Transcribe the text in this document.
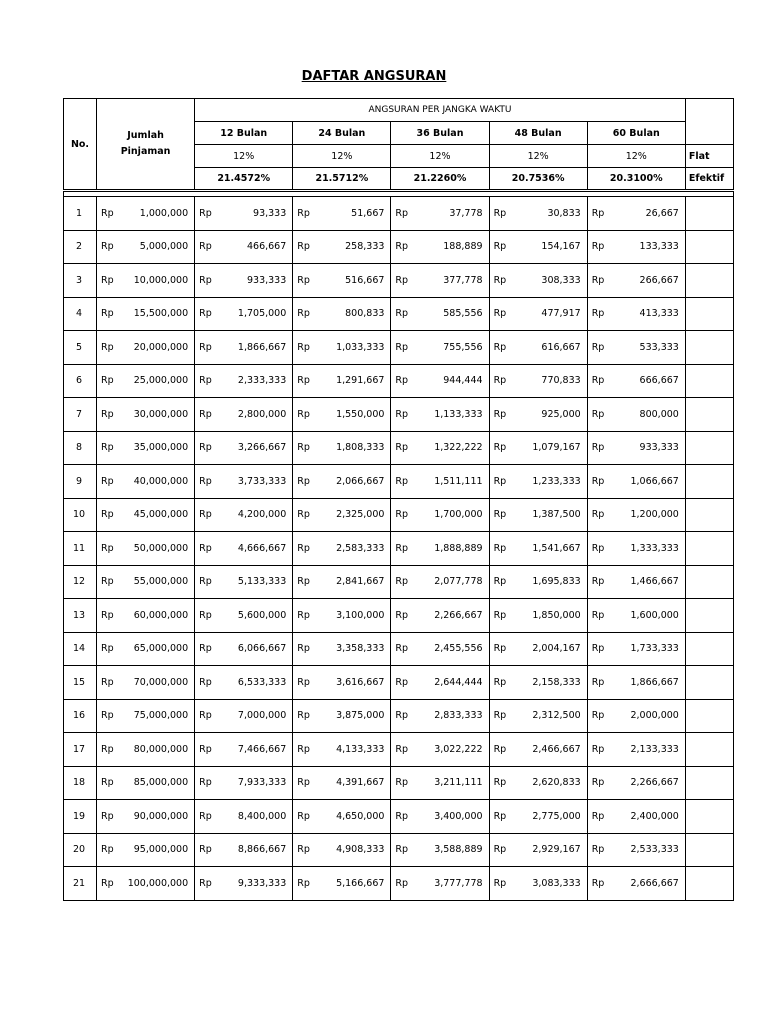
DAFTAR ANGSURAN
No.	Jumlah
Pinjaman		ANGSURAN PER JANGKA WAKTU										
			12 Bulan		24 Bulan		36 Bulan		48 Bulan		60 Bulan		
			12%		12%		12%		12%		12%		Flat
			21.4572%		21.5712%		21.2260%		20.7536%		20.3100%		Efektif

1	Rp	1,000,000	Rp	93,333	Rp	51,667	Rp	37,778	Rp	30,833	Rp	26,667	
2	Rp	5,000,000	Rp	466,667	Rp	258,333	Rp	188,889	Rp	154,167	Rp	133,333	
3	Rp	10,000,000	Rp	933,333	Rp	516,667	Rp	377,778	Rp	308,333	Rp	266,667	
4	Rp	15,500,000	Rp	1,705,000	Rp	800,833	Rp	585,556	Rp	477,917	Rp	413,333	
5	Rp	20,000,000	Rp	1,866,667	Rp	1,033,333	Rp	755,556	Rp	616,667	Rp	533,333	
6	Rp	25,000,000	Rp	2,333,333	Rp	1,291,667	Rp	944,444	Rp	770,833	Rp	666,667	
7	Rp	30,000,000	Rp	2,800,000	Rp	1,550,000	Rp	1,133,333	Rp	925,000	Rp	800,000	
8	Rp	35,000,000	Rp	3,266,667	Rp	1,808,333	Rp	1,322,222	Rp	1,079,167	Rp	933,333	
9	Rp	40,000,000	Rp	3,733,333	Rp	2,066,667	Rp	1,511,111	Rp	1,233,333	Rp	1,066,667	
10	Rp	45,000,000	Rp	4,200,000	Rp	2,325,000	Rp	1,700,000	Rp	1,387,500	Rp	1,200,000	
11	Rp	50,000,000	Rp	4,666,667	Rp	2,583,333	Rp	1,888,889	Rp	1,541,667	Rp	1,333,333	
12	Rp	55,000,000	Rp	5,133,333	Rp	2,841,667	Rp	2,077,778	Rp	1,695,833	Rp	1,466,667	
13	Rp	60,000,000	Rp	5,600,000	Rp	3,100,000	Rp	2,266,667	Rp	1,850,000	Rp	1,600,000	
14	Rp	65,000,000	Rp	6,066,667	Rp	3,358,333	Rp	2,455,556	Rp	2,004,167	Rp	1,733,333	
15	Rp	70,000,000	Rp	6,533,333	Rp	3,616,667	Rp	2,644,444	Rp	2,158,333	Rp	1,866,667	
16	Rp	75,000,000	Rp	7,000,000	Rp	3,875,000	Rp	2,833,333	Rp	2,312,500	Rp	2,000,000	
17	Rp	80,000,000	Rp	7,466,667	Rp	4,133,333	Rp	3,022,222	Rp	2,466,667	Rp	2,133,333	
18	Rp	85,000,000	Rp	7,933,333	Rp	4,391,667	Rp	3,211,111	Rp	2,620,833	Rp	2,266,667	
19	Rp	90,000,000	Rp	8,400,000	Rp	4,650,000	Rp	3,400,000	Rp	2,775,000	Rp	2,400,000	
20	Rp	95,000,000	Rp	8,866,667	Rp	4,908,333	Rp	3,588,889	Rp	2,929,167	Rp	2,533,333	
21	Rp	100,000,000	Rp	9,333,333	Rp	5,166,667	Rp	3,777,778	Rp	3,083,333	Rp	2,666,667	
